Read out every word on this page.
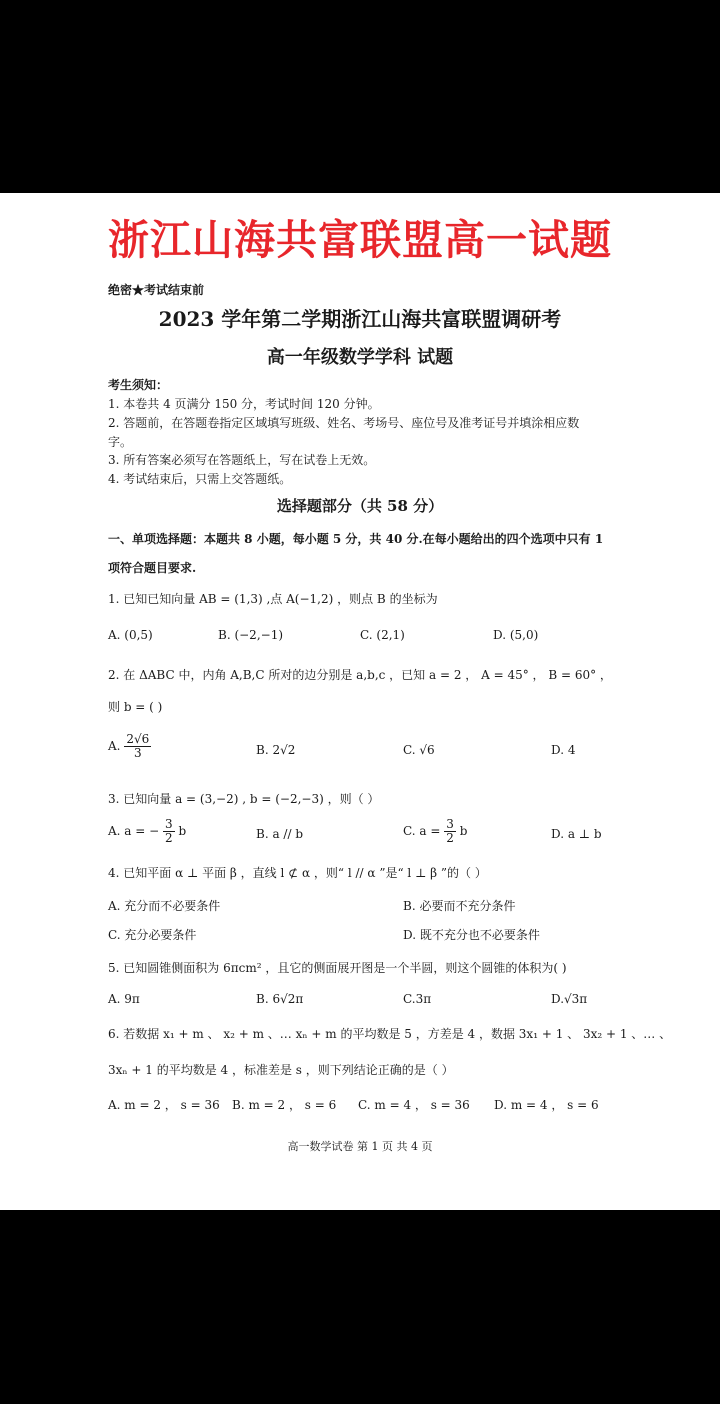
浙江山海共富联盟高一试题
绝密★考试结束前
2023 学年第二学期浙江山海共富联盟调研考
高一年级数学学科 试题
考生须知：
1. 本卷共 4 页满分 150 分，考试时间 120 分钟。
2. 答题前，在答题卷指定区域填写班级、姓名、考场号、座位号及准考证号并填涂相应数
字。
3. 所有答案必须写在答题纸上，写在试卷上无效。
4. 考试结束后，只需上交答题纸。
选择题部分（共 58 分）
一、单项选择题：本题共 8 小题，每小题 5 分，共 40 分.在每小题给出的四个选项中只有 1
项符合题目要求.
1. 已知已知向量 AB = (1,3) ,点 A(−1,2) ，则点 B 的坐标为
A. (0,5)	B. (−2,−1)	C. (2,1)	D. (5,0)
2. 在 ΔABC 中，内角 A,B,C 所对的边分别是 a,b,c ，已知 a = 2 ， A = 45° ， B = 60° ，
则 b = ( )
A. $\frac{2√6}{3}$	B. 2√2	C. √6	D. 4
3. 已知向量 a = (3,−2) , b = (−2,−3) ，则（ ）
A. a = − $\frac{3}{2}$ b	B. a // b	C. $a = \frac{3}{2}$ b	D. a ⊥ b
4. 已知平面 α ⊥ 平面 β ，直线 l ⊄ α ，则“ l // α ”是“ l ⊥ β ”的（ ）
A. 充分而不必要条件	B. 必要而不充分条件
C. 充分必要条件	D. 既不充分也不必要条件
5. 已知圆锥侧面积为 6πcm² ，且它的侧面展开图是一个半圆，则这个圆锥的体积为( )
A. 9π	B. 6√2π	C.3π	D.√3π
6. 若数据 x₁ + m 、 x₂ + m 、… xₙ + m 的平均数是 5 ，方差是 4 ，数据 3x₁ + 1 、 3x₂ + 1 、… 、
3xₙ + 1 的平均数是 4 ，标准差是 s ，则下列结论正确的是（ ）
A. m = 2 ， s = 36 B. m = 2 ， s = 6 C. m = 4 ， s = 36 D. m = 4 ， s = 6
高一数学试卷 第 1 页 共 4 页
